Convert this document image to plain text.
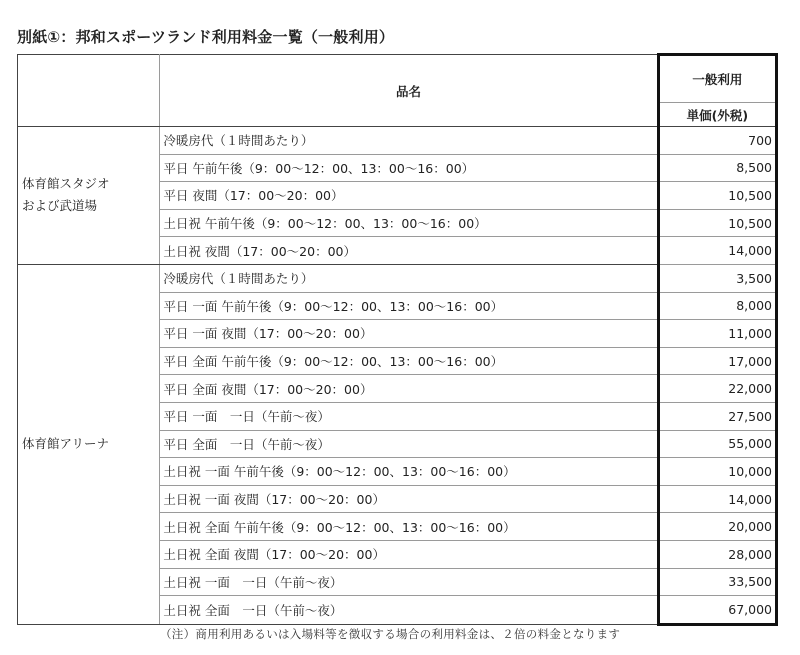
別紙①：邦和スポーツランド利用料金一覧（一般利用）
	品名	一般利用
		単価(外税)

体育館スタジオ
および武道場	冷暖房代（１時間あたり）	700
	平日 午前午後（9：00〜12：00、13：00〜16：00）	8,500
	平日 夜間（17：00〜20：00）	10,500
	土日祝 午前午後（9：00〜12：00、13：00〜16：00）	10,500
	土日祝 夜間（17：00〜20：00）	14,000

体育館アリーナ	冷暖房代（１時間あたり）	3,500
	平日 一面 午前午後（9：00〜12：00、13：00〜16：00）	8,000
	平日 一面 夜間（17：00〜20：00）	11,000
	平日 全面 午前午後（9：00〜12：00、13：00〜16：00）	17,000
	平日 全面 夜間（17：00〜20：00）	22,000
	平日 一面　一日（午前〜夜）	27,500
	平日 全面　一日（午前〜夜）	55,000
	土日祝 一面 午前午後（9：00〜12：00、13：00〜16：00）	10,000
	土日祝 一面 夜間（17：00〜20：00）	14,000
	土日祝 全面 午前午後（9：00〜12：00、13：00〜16：00）	20,000
	土日祝 全面 夜間（17：00〜20：00）	28,000
	土日祝 一面　一日（午前〜夜）	33,500
	土日祝 全面　一日（午前〜夜）	67,000
（注）商用利用あるいは入場料等を徴収する場合の利用料金は、２倍の料金となります
